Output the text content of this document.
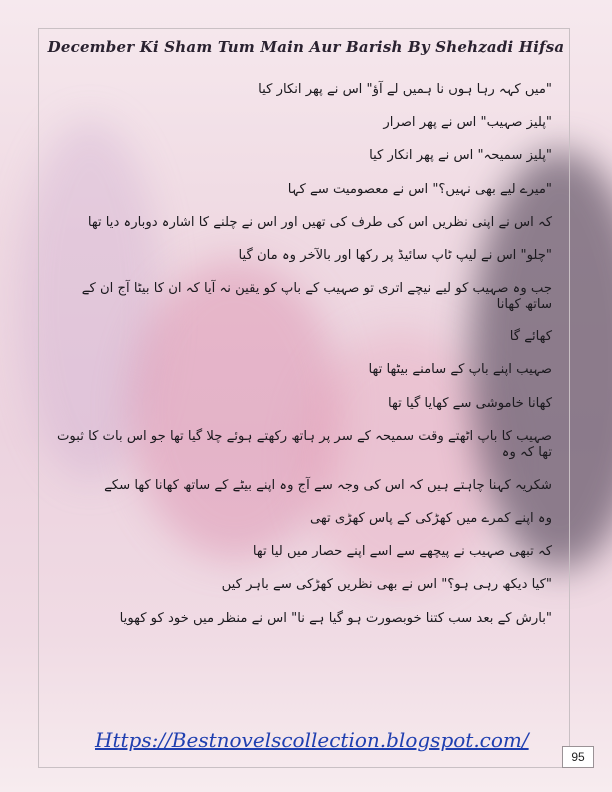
December Ki Sham Tum Main Aur Barish By Shehzadi Hifsa

"میں کہہ رہا ہوں نا ہمیں لے آؤ" اس نے پھر انکار کیا

"پلیز صہیب" اس نے پھر اصرار

"پلیز سمیحہ" اس نے پھر انکار کیا

"میرے لیے بھی نہیں؟" اس نے معصومیت سے کہا

کہ اس نے اپنی نظریں اس کی طرف کی تھیں اور اس نے چلنے کا اشارہ دوبارہ دیا تھا

"چلو" اس نے لیپ ٹاپ سائیڈ پر رکھا اور بالآخر وہ مان گیا

جب وہ صہیب کو لیے نیچے اتری تو صہیب کے باپ کو یقین نہ آیا کہ ان کا بیٹا آج ان کے ساتھ کھانا

کھائے گا

صہیب اپنے باپ کے سامنے بیٹھا تھا

کھانا خاموشی سے کھایا گیا تھا

صہیب کا باپ اٹھتے وقت سمیحہ کے سر پر ہاتھ رکھتے ہوئے چلا گیا تھا جو اس بات کا ثبوت تھا کہ وہ

شکریہ کہنا چاہتے ہیں کہ اس کی وجہ سے آج وہ اپنے بیٹے کے ساتھ کھانا کھا سکے

وہ اپنے کمرے میں کھڑکی کے پاس کھڑی تھی

کہ تبھی صہیب نے پیچھے سے اسے اپنے حصار میں لیا تھا

"کیا دیکھ رہی ہو؟" اس نے بھی نظریں کھڑکی سے باہر کیں

"بارش کے بعد سب کتنا خوبصورت ہو گیا ہے نا" اس نے منظر میں خود کو کھویا

Https://Bestnovelscollection.blogspot.com/
95
